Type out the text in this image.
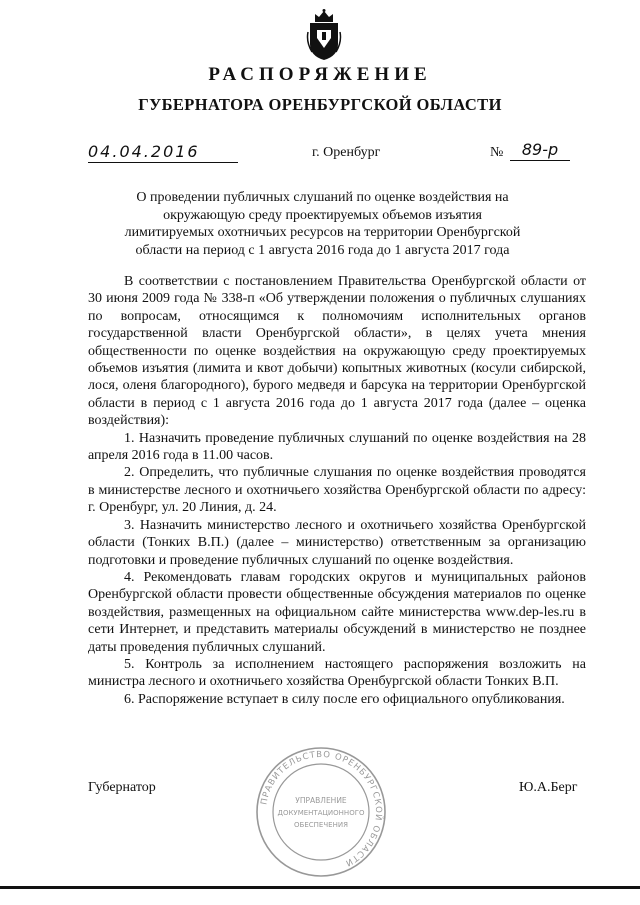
РАСПОРЯЖЕНИЕ
ГУБЕРНАТОРА ОРЕНБУРГСКОЙ ОБЛАСТИ
04.04.2016	г. Оренбург	№	89-р
О проведении публичных слушаний по оценке воздействия на окружающую среду проектируемых объемов изъятия лимитируемых охотничьих ресурсов на территории Оренбургской области на период с 1 августа 2016 года до 1 августа 2017 года

В соответствии с постановлением Правительства Оренбургской области от 30 июня 2009 года № 338-п «Об утверждении положения о публичных слушаниях по вопросам, относящимся к полномочиям исполнительных органов государственной власти Оренбургской области», в целях учета мнения общественности по оценке воздействия на окружающую среду проектируемых объемов изъятия (лимита и квот добычи) копытных животных (косули сибирской, лося, оленя благородного), бурого медведя и барсука на территории Оренбургской области в период с 1 августа 2016 года до 1 августа 2017 года (далее – оценка воздействия):

1. Назначить проведение публичных слушаний по оценке воздействия на 28 апреля 2016 года в 11.00 часов.

2. Определить, что публичные слушания по оценке воздействия проводятся в министерстве лесного и охотничьего хозяйства Оренбургской области по адресу: г. Оренбург, ул. 20 Линия, д. 24.

3. Назначить министерство лесного и охотничьего хозяйства Оренбургской области (Тонких В.П.) (далее – министерство) ответственным за организацию подготовки и проведение публичных слушаний по оценке воздействия.

4. Рекомендовать главам городских округов и муниципальных районов Оренбургской области провести общественные обсуждения материалов по оценке воздействия, размещенных на официальном сайте министерства www.dep-les.ru в сети Интернет, и представить материалы обсуждений в министерство не позднее даты проведения публичных слушаний.

5. Контроль за исполнением настоящего распоряжения возложить на министра лесного и охотничьего хозяйства Оренбургской области Тонких В.П.

6. Распоряжение вступает в силу после его официального опубликования.

Губернатор	Ю.А.Берг
ПРАВИТЕЛЬСТВО ОРЕНБУРГСКОЙ ОБЛАСТИ
УПРАВЛЕНИЕ
ДОКУМЕНТАЦИОННОГО
ОБЕСПЕЧЕНИЯ
